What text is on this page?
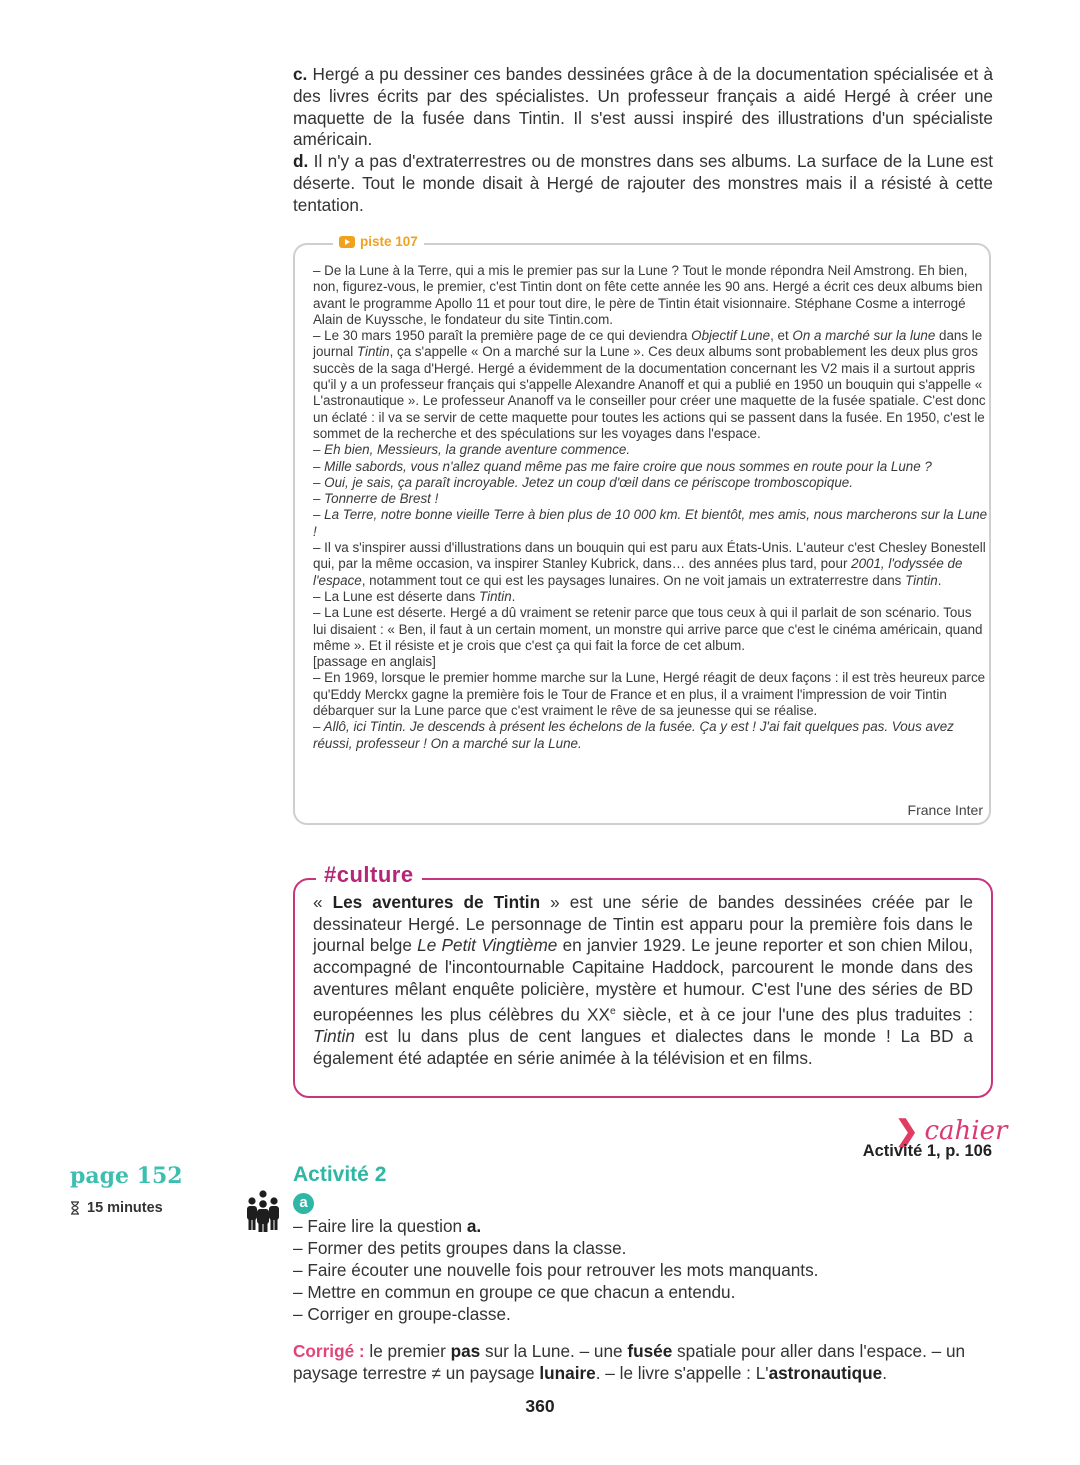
c. Hergé a pu dessiner ces bandes dessinées grâce à de la documentation spécialisée et à des livres écrits par des spécialistes. Un professeur français a aidé Hergé à créer une maquette de la fusée dans Tintin. Il s'est aussi inspiré des illustrations d'un spécialiste américain.

d. Il n'y a pas d'extraterrestres ou de monstres dans ses albums. La surface de la Lune est déserte. Tout le monde disait à Hergé de rajouter des monstres mais il a résisté à cette tentation.

piste 107

– De la Lune à la Terre, qui a mis le premier pas sur la Lune ? Tout le monde répondra Neil Amstrong. Eh bien, non, figurez-vous, le premier, c'est Tintin dont on fête cette année les 90 ans. Hergé a écrit ces deux albums bien avant le programme Apollo 11 et pour tout dire, le père de Tintin était visionnaire. Stéphane Cosme a interrogé Alain de Kuyssche, le fondateur du site Tintin.com.

– Le 30 mars 1950 paraît la première page de ce qui deviendra Objectif Lune, et On a marché sur la lune dans le journal Tintin, ça s'appelle « On a marché sur la Lune ». Ces deux albums sont probablement les deux plus gros succès de la saga d'Hergé. Hergé a évidemment de la documentation concernant les V2 mais il a surtout appris qu'il y a un professeur français qui s'appelle Alexandre Ananoff et qui a publié en 1950 un bouquin qui s'appelle « L'astronautique ». Le professeur Ananoff va le conseiller pour créer une maquette de la fusée spatiale. C'est donc un éclaté : il va se servir de cette maquette pour toutes les actions qui se passent dans la fusée. En 1950, c'est le sommet de la recherche et des spéculations sur les voyages dans l'espace.

– Eh bien, Messieurs, la grande aventure commence.

– Mille sabords, vous n'allez quand même pas me faire croire que nous sommes en route pour la Lune ?

– Oui, je sais, ça paraît incroyable. Jetez un coup d'œil dans ce périscope tromboscopique.

– Tonnerre de Brest !

– La Terre, notre bonne vieille Terre à bien plus de 10 000 km. Et bientôt, mes amis, nous marcherons sur la Lune !

– Il va s'inspirer aussi d'illustrations dans un bouquin qui est paru aux États-Unis. L'auteur c'est Chesley Bonestell qui, par la même occasion, va inspirer Stanley Kubrick, dans… des années plus tard, pour 2001, l'odyssée de l'espace, notamment tout ce qui est les paysages lunaires. On ne voit jamais un extraterrestre dans Tintin.

– La Lune est déserte dans Tintin.

– La Lune est déserte. Hergé a dû vraiment se retenir parce que tous ceux à qui il parlait de son scénario. Tous lui disaient : « Ben, il faut à un certain moment, un monstre qui arrive parce que c'est le cinéma américain, quand même ». Et il résiste et je crois que c'est ça qui fait la force de cet album.

[passage en anglais]

– En 1969, lorsque le premier homme marche sur la Lune, Hergé réagit de deux façons : il est très heureux parce qu'Eddy Merckx gagne la première fois le Tour de France et en plus, il a vraiment l'impression de voir Tintin débarquer sur la Lune parce que c'est vraiment le rêve de sa jeunesse qui se réalise.

– Allô, ici Tintin. Je descends à présent les échelons de la fusée. Ça y est ! J'ai fait quelques pas. Vous avez réussi, professeur ! On a marché sur la Lune.

France Inter
#culture
« Les aventures de Tintin » est une série de bandes dessinées créée par le dessinateur Hergé. Le personnage de Tintin est apparu pour la première fois dans le journal belge Le Petit Vingtième en janvier 1929. Le jeune reporter et son chien Milou, accompagné de l'incontournable Capitaine Haddock, parcourent le monde dans des aventures mêlant enquête policière, mystère et humour. C'est l'une des séries de BD européennes les plus célèbres du XXe siècle, et à ce jour l'une des plus traduites : Tintin est lu dans plus de cent langues et dialectes dans le monde ! La BD a également été adaptée en série animée à la télévision et en films.
❯ cahier
Activité 1, p. 106
page 152
15 minutes
Activité 2
a
– Faire lire la question a.
– Former des petits groupes dans la classe.
– Faire écouter une nouvelle fois pour retrouver les mots manquants.
– Mettre en commun en groupe ce que chacun a entendu.
– Corriger en groupe-classe.
Corrigé : le premier pas sur la Lune. – une fusée spatiale pour aller dans l'espace. – un paysage terrestre ≠ un paysage lunaire. – le livre s'appelle : L'astronautique.
360
